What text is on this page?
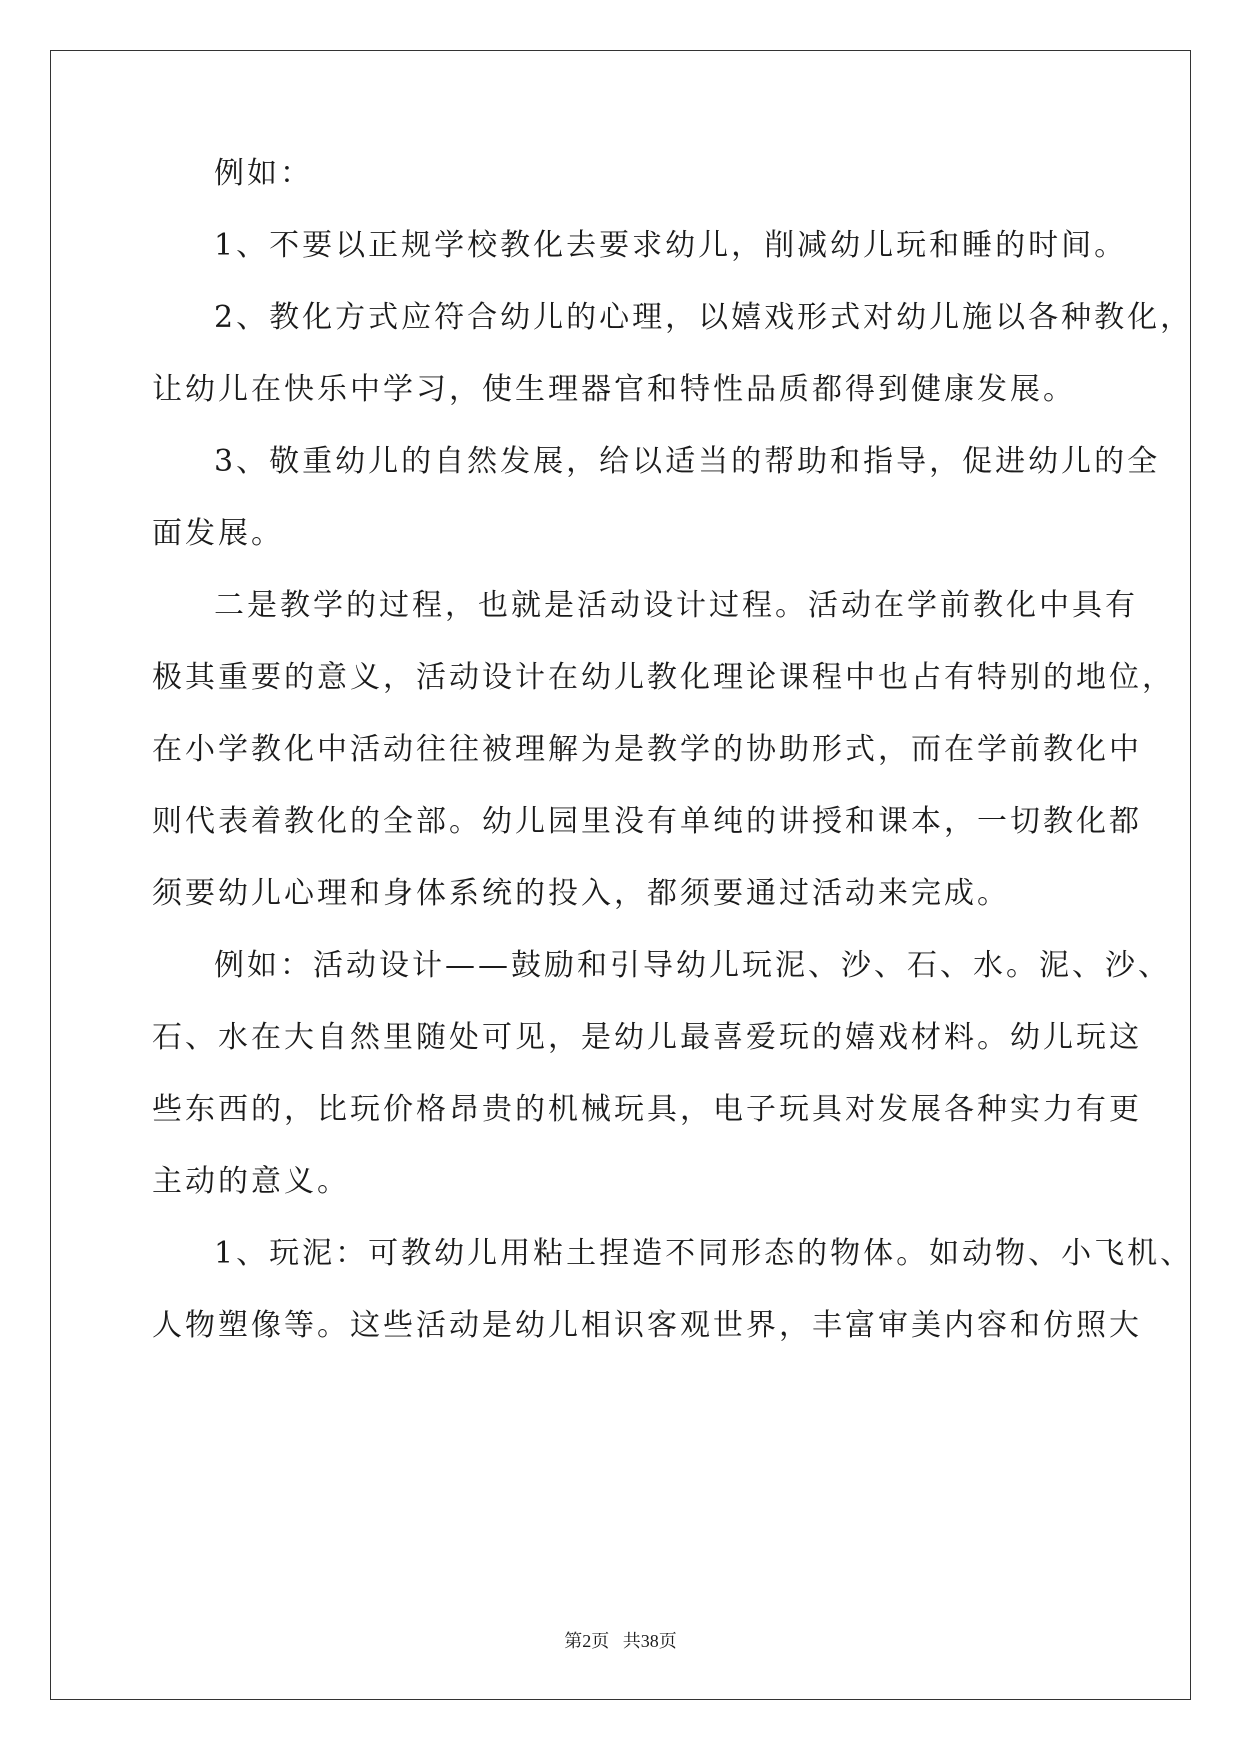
例如：
1、不要以正规学校教化去要求幼儿，削减幼儿玩和睡的时间。
2、教化方式应符合幼儿的心理，以嬉戏形式对幼儿施以各种教化，
让幼儿在快乐中学习，使生理器官和特性品质都得到健康发展。
3、敬重幼儿的自然发展，给以适当的帮助和指导，促进幼儿的全
面发展。
二是教学的过程，也就是活动设计过程。活动在学前教化中具有
极其重要的意义，活动设计在幼儿教化理论课程中也占有特别的地位，
在小学教化中活动往往被理解为是教学的协助形式，而在学前教化中
则代表着教化的全部。幼儿园里没有单纯的讲授和课本，一切教化都
须要幼儿心理和身体系统的投入，都须要通过活动来完成。
例如：活动设计——鼓励和引导幼儿玩泥、沙、石、水。泥、沙、
石、水在大自然里随处可见，是幼儿最喜爱玩的嬉戏材料。幼儿玩这
些东西的，比玩价格昂贵的机械玩具，电子玩具对发展各种实力有更
主动的意义。
1、玩泥：可教幼儿用粘土捏造不同形态的物体。如动物、小飞机、
人物塑像等。这些活动是幼儿相识客观世界，丰富审美内容和仿照大
第2页   共38页
